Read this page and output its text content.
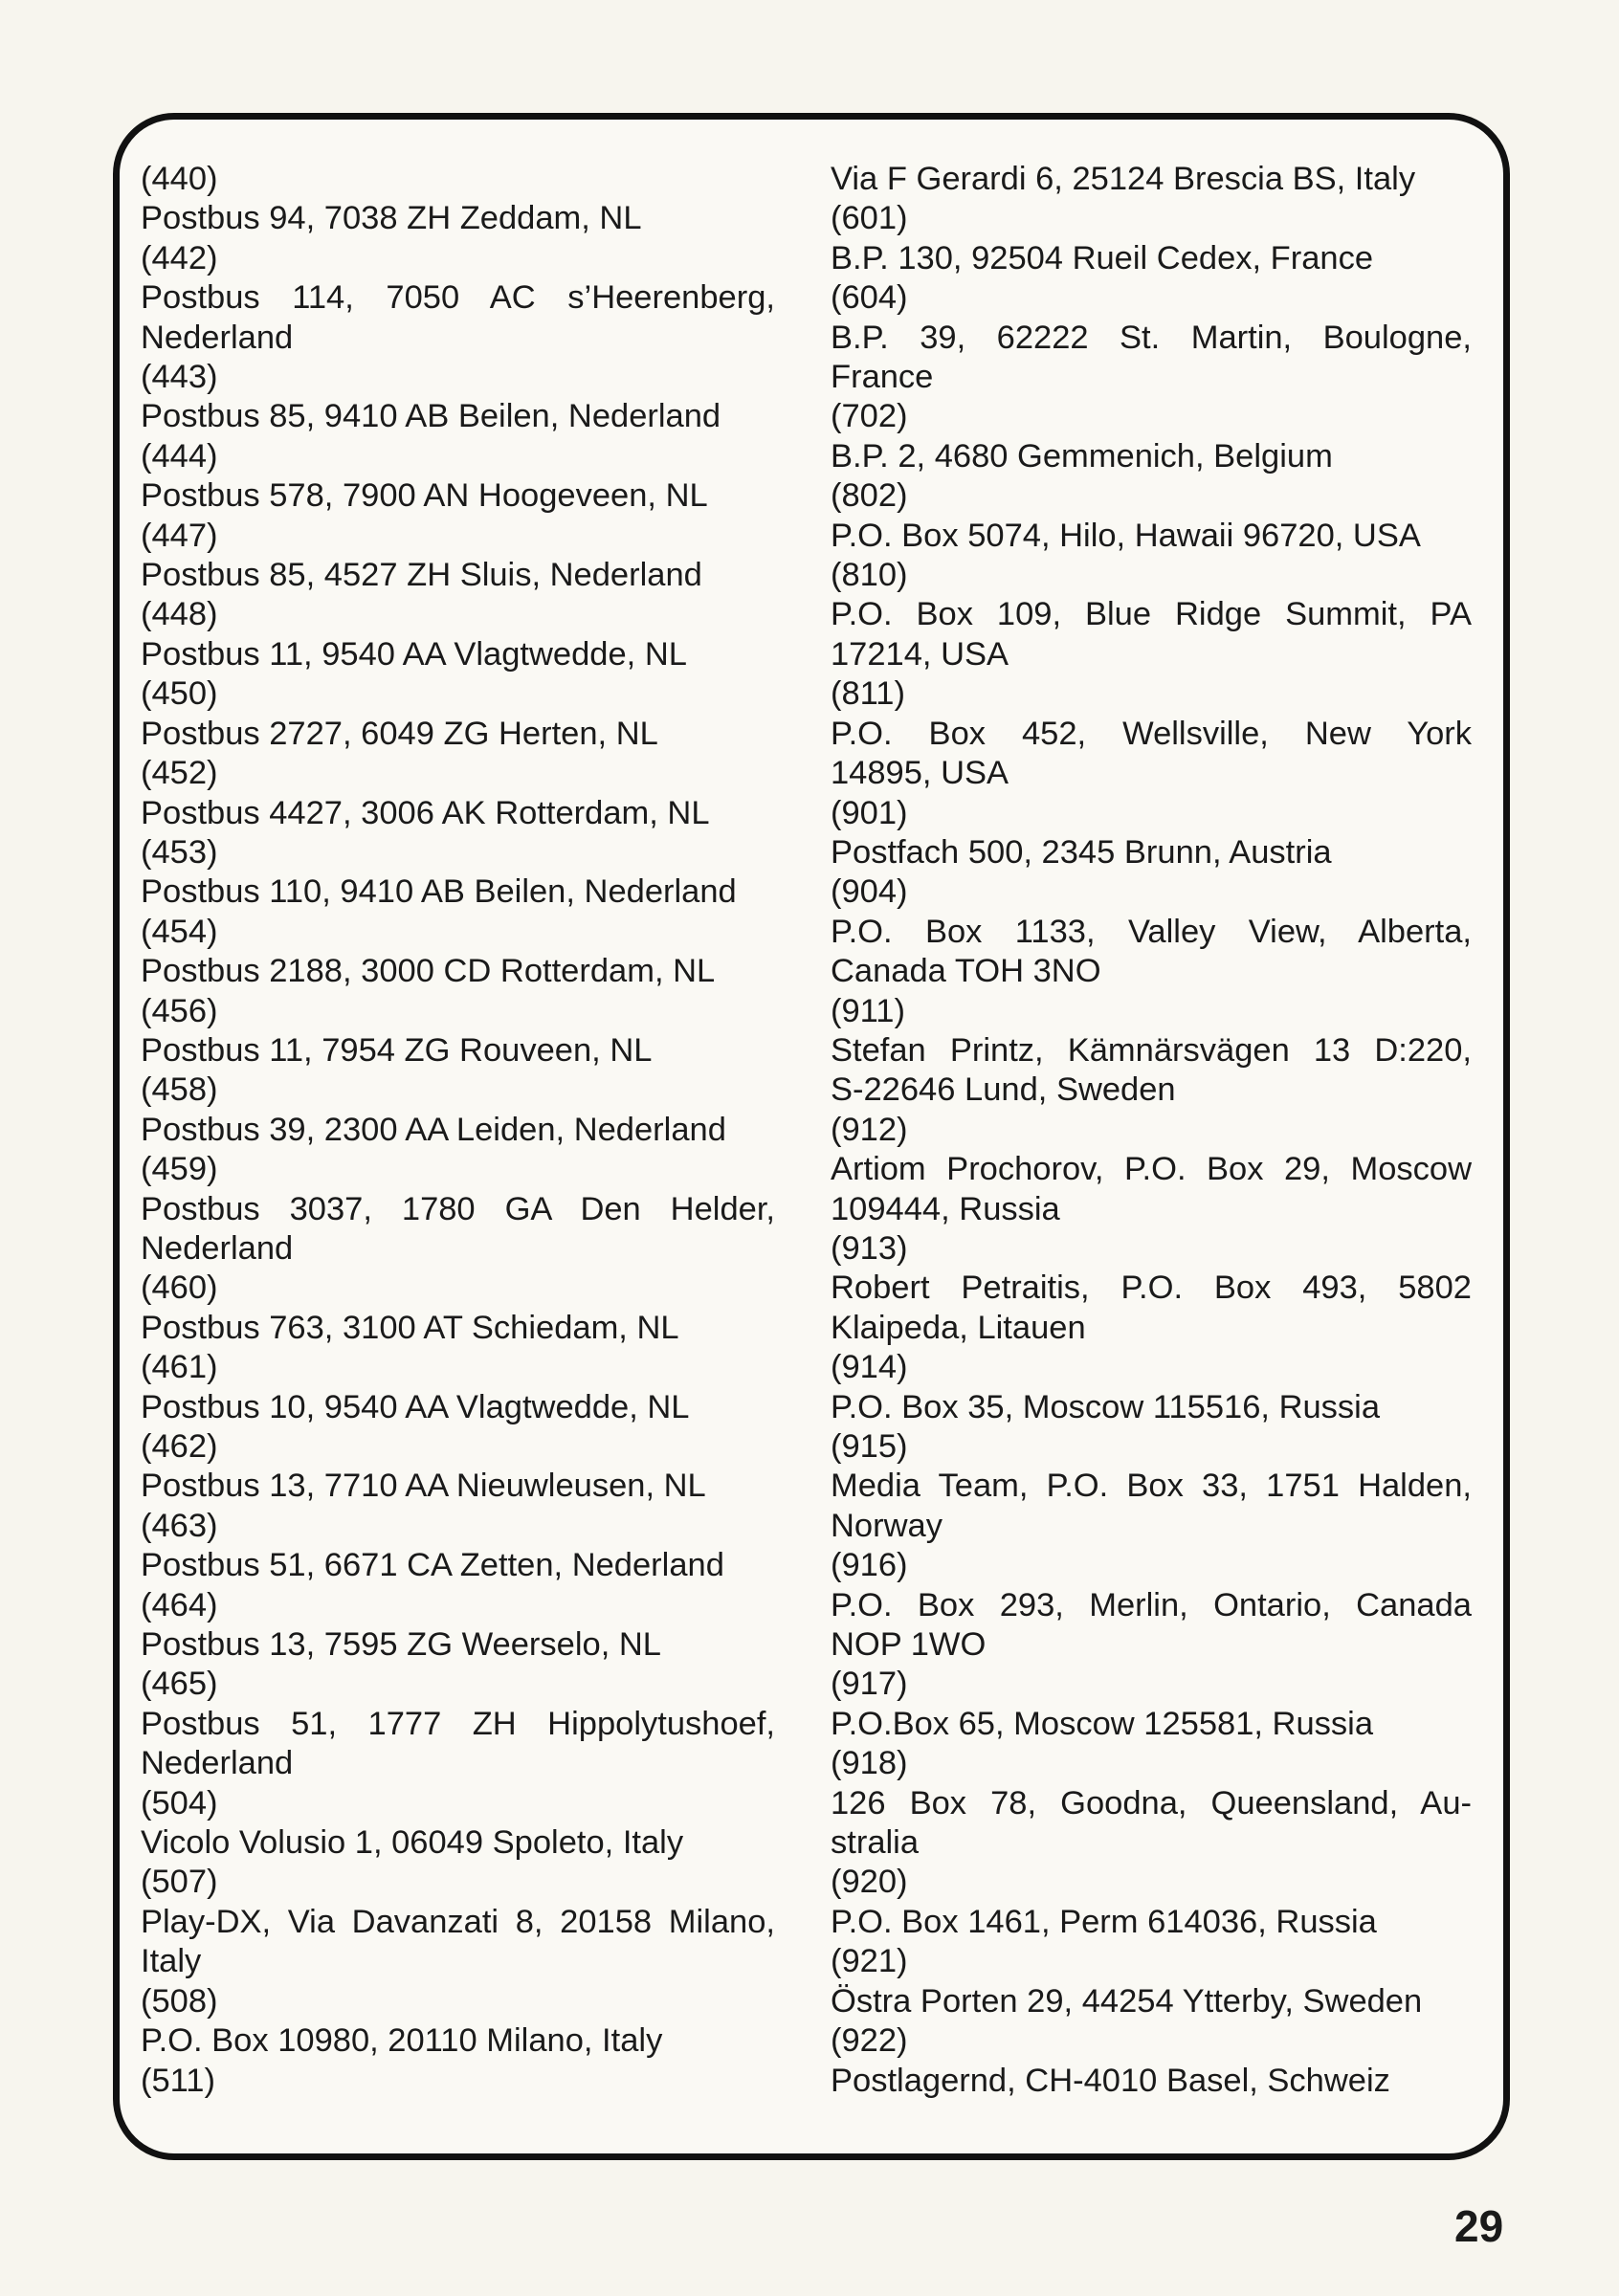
(440)
Postbus 94, 7038 ZH Zeddam, NL
(442)
Postbus 114, 7050 AC s’Heerenberg,
Nederland
(443)
Postbus 85, 9410 AB Beilen, Nederland
(444)
Postbus 578, 7900 AN Hoogeveen, NL
(447)
Postbus 85, 4527 ZH Sluis, Nederland
(448)
Postbus 11, 9540 AA Vlagtwedde, NL
(450)
Postbus 2727, 6049 ZG Herten, NL
(452)
Postbus 4427, 3006 AK Rotterdam, NL
(453)
Postbus 110, 9410 AB Beilen, Nederland
(454)
Postbus 2188, 3000 CD Rotterdam, NL
(456)
Postbus 11, 7954 ZG Rouveen, NL
(458)
Postbus 39, 2300 AA Leiden, Nederland
(459)
Postbus 3037, 1780 GA Den Helder,
Nederland
(460)
Postbus 763, 3100 AT Schiedam, NL
(461)
Postbus 10, 9540 AA Vlagtwedde, NL
(462)
Postbus 13, 7710 AA Nieuwleusen, NL
(463)
Postbus 51, 6671 CA Zetten, Nederland
(464)
Postbus 13, 7595 ZG Weerselo, NL
(465)
Postbus 51, 1777 ZH Hippolytushoef,
Nederland
(504)
Vicolo Volusio 1, 06049 Spoleto, Italy
(507)
Play-DX, Via Davanzati 8, 20158 Milano,
Italy
(508)
P.O. Box 10980, 20110 Milano, Italy
(511)
Via F Gerardi 6, 25124 Brescia BS, Italy
(601)
B.P. 130, 92504 Rueil Cedex, France
(604)
B.P. 39, 62222 St. Martin, Boulogne,
France
(702)
B.P. 2, 4680 Gemmenich, Belgium
(802)
P.O. Box 5074, Hilo, Hawaii 96720, USA
(810)
P.O. Box 109, Blue Ridge Summit, PA
17214, USA
(811)
P.O. Box 452, Wellsville, New York
14895, USA
(901)
Postfach 500, 2345 Brunn, Austria
(904)
P.O. Box 1133, Valley View, Alberta,
Canada TOH 3NO
(911)
Stefan Printz, Kämnärsvägen 13 D:220,
S-22646 Lund, Sweden
(912)
Artiom Prochorov, P.O. Box 29, Moscow
109444, Russia
(913)
Robert Petraitis, P.O. Box 493, 5802
Klaipeda, Litauen
(914)
P.O. Box 35, Moscow 115516, Russia
(915)
Media Team, P.O. Box 33, 1751 Halden,
Norway
(916)
P.O. Box 293, Merlin, Ontario, Canada
NOP 1WO
(917)
P.O.Box 65, Moscow 125581, Russia
(918)
126 Box 78, Goodna, Queensland, Au-
stralia
(920)
P.O. Box 1461, Perm 614036, Russia
(921)
Östra Porten 29, 44254 Ytterby, Sweden
(922)
Postlagernd, CH-4010 Basel, Schweiz
29
